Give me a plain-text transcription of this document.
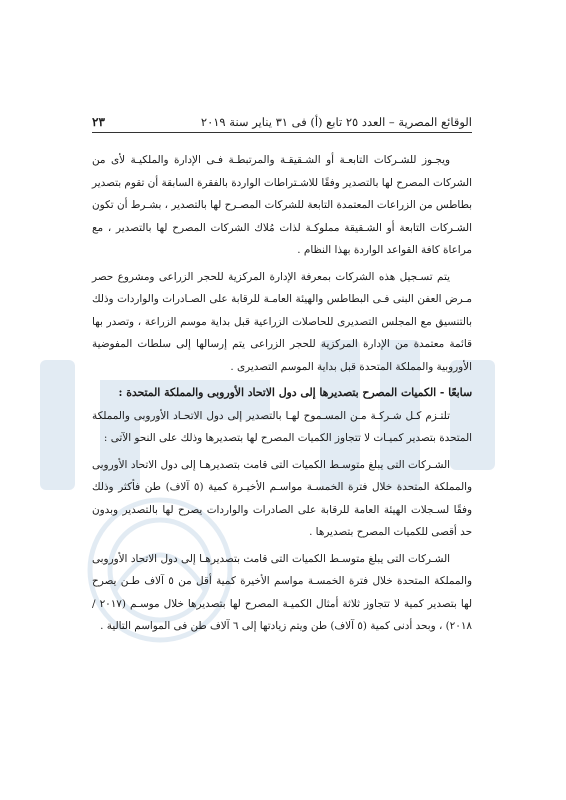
الوقائع المصرية – العدد ٢٥ تابع (أ) فى ٣١ يناير سنة ٢٠١٩
٢٣

ويجـوز للشـركات التابعـة أو الشـقيقـة والمرتبطـة فـى الإدارة والملكيـة لأى من الشركات المصرح لها بالتصدير وفقًا للاشـتراطات الواردة بالفقرة السابقة أن تقوم بتصدير بطاطس من الزراعات المعتمدة التابعة للشركات المصـرح لها بالتصدير ، بشـرط أن تكون الشـركات التابعة أو الشـقيقة مملوكـة لذات مُلاك الشركات المصرح لها بالتصدير ، مع مراعاة كافة القواعد الواردة بهذا النظام .

يتم تسـجيل هذه الشركات بمعرفة الإدارة المركزية للحجر الزراعى ومشروع حصر مـرض العفن البنى فـى البطاطس والهيئة العامـة للرقابة على الصـادرات والواردات وذلك بالتنسيق مع المجلس التصديرى للحاصلات الزراعية قبل بداية موسم الزراعة ، وتصدر بها قائمة معتمدة من الإدارة المركزية للحجر الزراعى يتم إرسالها إلى سلطات المفوضية الأوروبية والمملكة المتحدة قبل بداية الموسم التصديرى .

سابعًا - الكميات المصرح بتصديرها إلى دول الاتحاد الأوروبى والمملكة المتحدة :

تلتـزم كـل شـركـة مـن المسـموح لهـا بالتصدير إلى دول الاتحـاد الأوروبى والمملكة المتحدة بتصدير كميـات لا تتجاوز الكميات المصرح لها بتصديرها وذلك على النحو الآتى :

الشـركات التى يبلغ متوسـط الكميات التى قامت بتصديرهـا إلى دول الاتحاد الأوروبى والمملكة المتحدة خلال فترة الخمسـة مواسـم الأخيـرة كمية (٥ آلاف) طن فأكثر وذلك وفقًا لسـجلات الهيئة العامة للرقابة على الصادرات والواردات يصرح لها بالتصدير وبدون حد أقصى للكميات المصرح بتصديرها .

الشـركات التى يبلغ متوسـط الكميات التى قامت بتصديرهـا إلى دول الاتحاد الأوروبى والمملكة المتحدة خلال فترة الخمسـة مواسم الأخيرة كمية أقل من ٥ آلاف طـن يصرح لها بتصدير كمية لا تتجاوز ثلاثة أمثال الكميـة المصرح لها بتصديرها خلال موسـم (٢٠١٧ / ٢٠١٨) ، وبحد أدنى كمية (٥ آلاف) طن ويتم زيادتها إلى ٦ آلاف طن فى المواسم التالية .
